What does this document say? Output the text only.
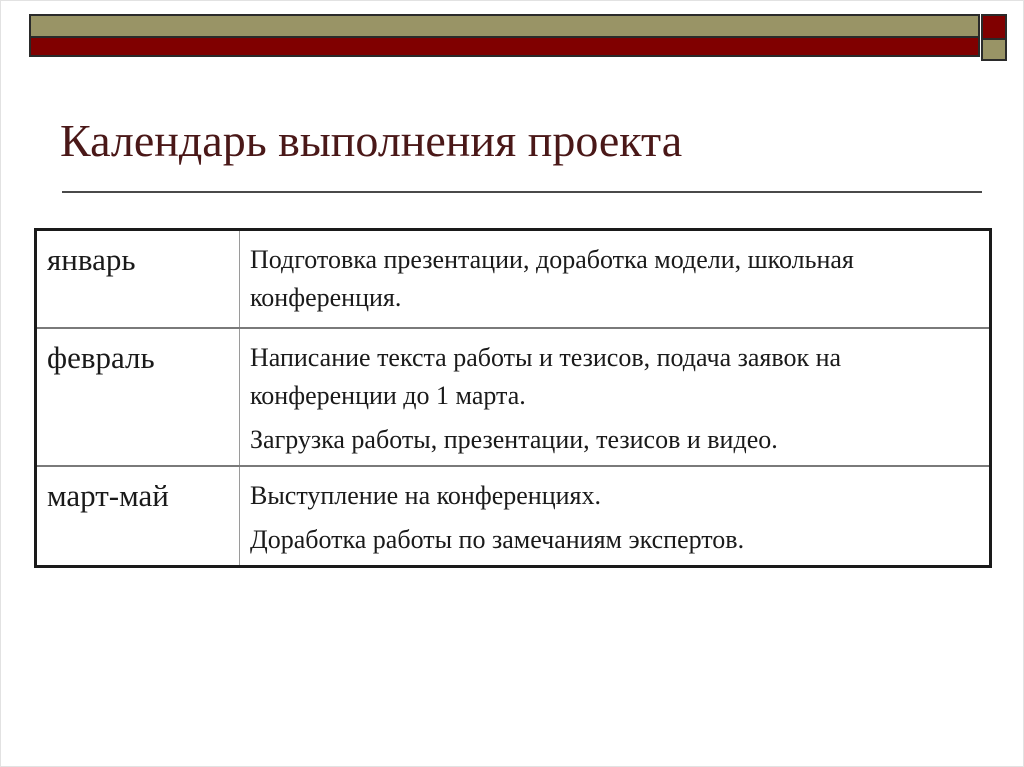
Календарь выполнения проекта
январь	Подготовка презентации, доработка модели, школьная конференция.

февраль	Написание текста работы и тезисов, подача заявок на конференции до 1 марта.
Загрузка работы, презентации, тезисов и видео.

март-май	Выступление на конференциях.
Доработка работы по замечаниям экспертов.
